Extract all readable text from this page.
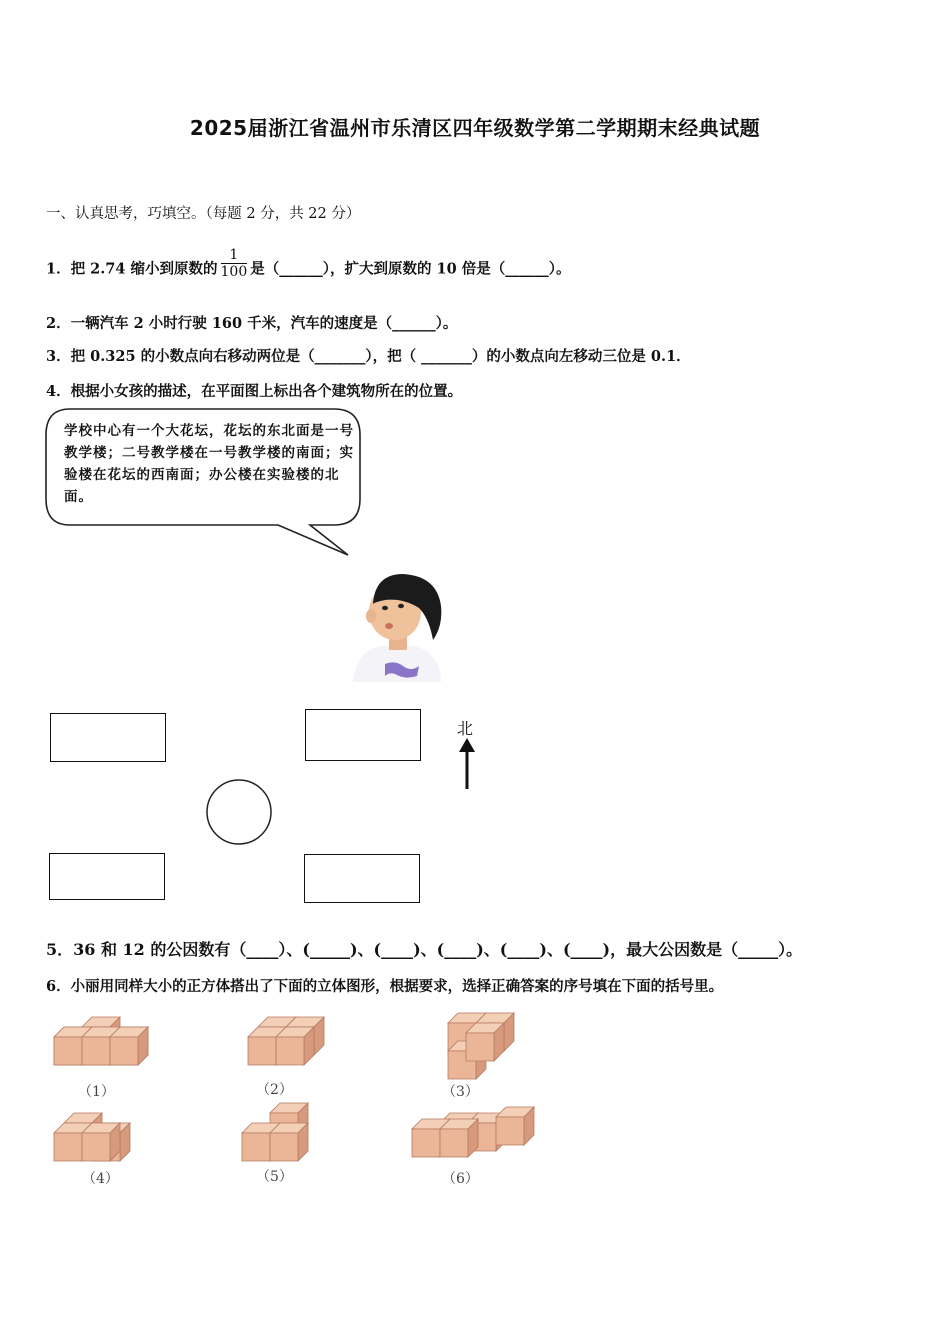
2025届浙江省温州市乐清区四年级数学第二学期期末经典试题
一、认真思考，巧填空。（每题 2 分，共 22 分）
1．把 2.74 缩小到原数的 $\frac{1}{100}$ 是（______），扩大到原数的 10 倍是（______）。
2．一辆汽车 2 小时行驶 160 千米，汽车的速度是（______）。
3．把 0.325 的小数点向右移动两位是（_______），把（ _______）的小数点向左移动三位是 0.1．
4．根据小女孩的描述，在平面图上标出各个建筑物所在的位置。
学校中心有一个大花坛，花坛的东北面是一号教学楼；二号教学楼在一号教学楼的南面；实验楼在花坛的西南面；办公楼在实验楼的北面。
北
5．36 和 12 的公因数有（____）、(_____)、(____)、(____)、(____)、(____)，最大公因数是（_____）。
6．小丽用同样大小的正方体搭出了下面的立体图形，根据要求，选择正确答案的序号填在下面的括号里。
（1）	（2）	（3）
（4）	（5）	（6）
